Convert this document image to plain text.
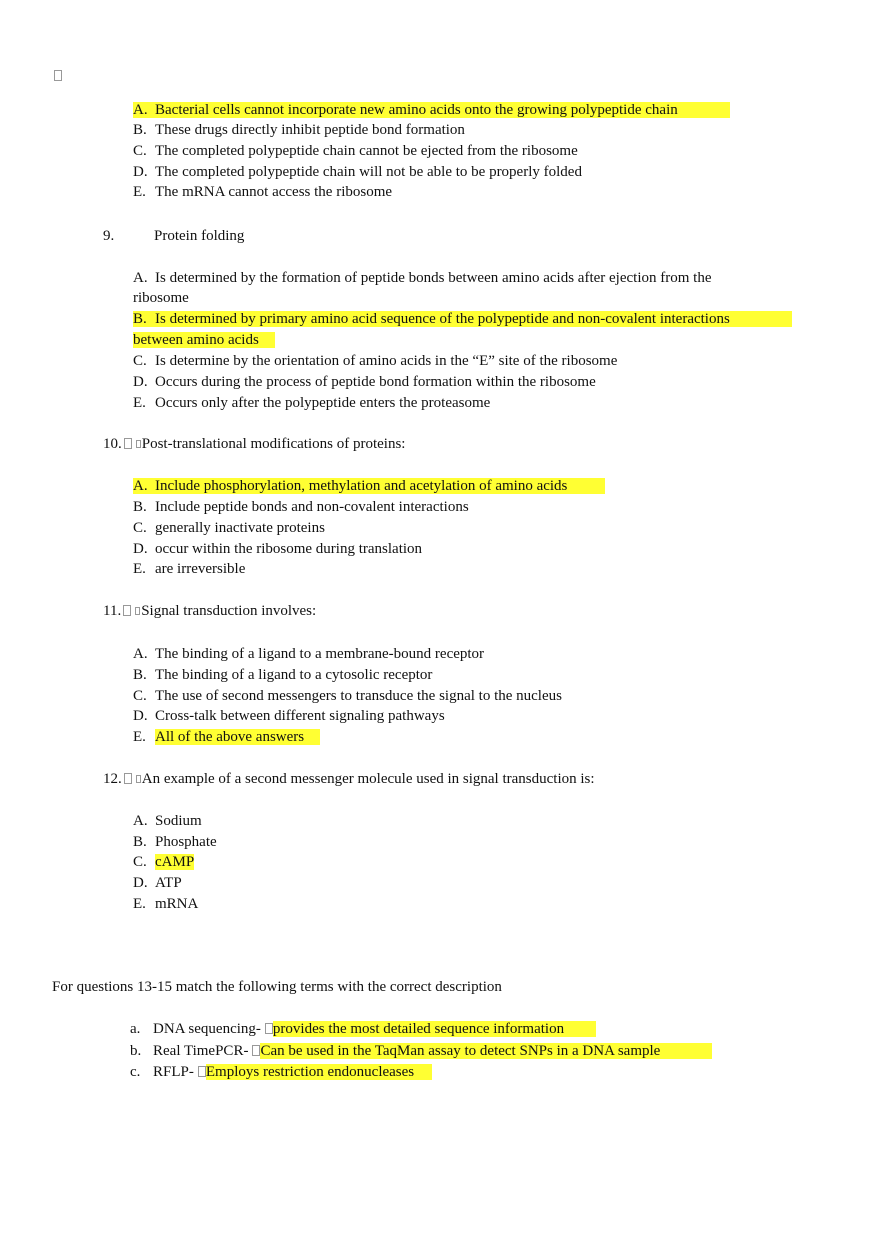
A. Bacterial cells cannot incorporate new amino acids onto the growing polypeptide chain
B. These drugs directly inhibit peptide bond formation
C. The completed polypeptide chain cannot be ejected from the ribosome
D. The completed polypeptide chain will not be able to be properly folded
E. The mRNA cannot access the ribosome
9.	Protein folding
A. Is determined by the formation of peptide bonds between amino acids after ejection from the
ribosome
B. Is determined by primary amino acid sequence of the polypeptide and non-covalent interactions
between amino acids
C. Is determine by the orientation of amino acids in the “E” site of the ribosome
D. Occurs during the process of peptide bond formation within the ribosome
E. Occurs only after the polypeptide enters the proteasome
10. Post-translational modifications of proteins:
A. Include phosphorylation, methylation and acetylation of amino acids
B. Include peptide bonds and non-covalent interactions
C. generally inactivate proteins
D. occur within the ribosome during translation
E. are irreversible
11. Signal transduction involves:
A. The binding of a ligand to a membrane-bound receptor
B. The binding of a ligand to a cytosolic receptor
C. The use of second messengers to transduce the signal to the nucleus
D. Cross-talk between different signaling pathways
E. All of the above answers
12. An example of a second messenger molecule used in signal transduction is:
A. Sodium
B. Phosphate
C. cAMP
D. ATP
E. mRNA
For questions 13-15 match the following terms with the correct description
a. DNA sequencing- provides the most detailed sequence information
b. Real TimePCR- Can be used in the TaqMan assay to detect SNPs in a DNA sample
c. RFLP- Employs restriction endonucleases
